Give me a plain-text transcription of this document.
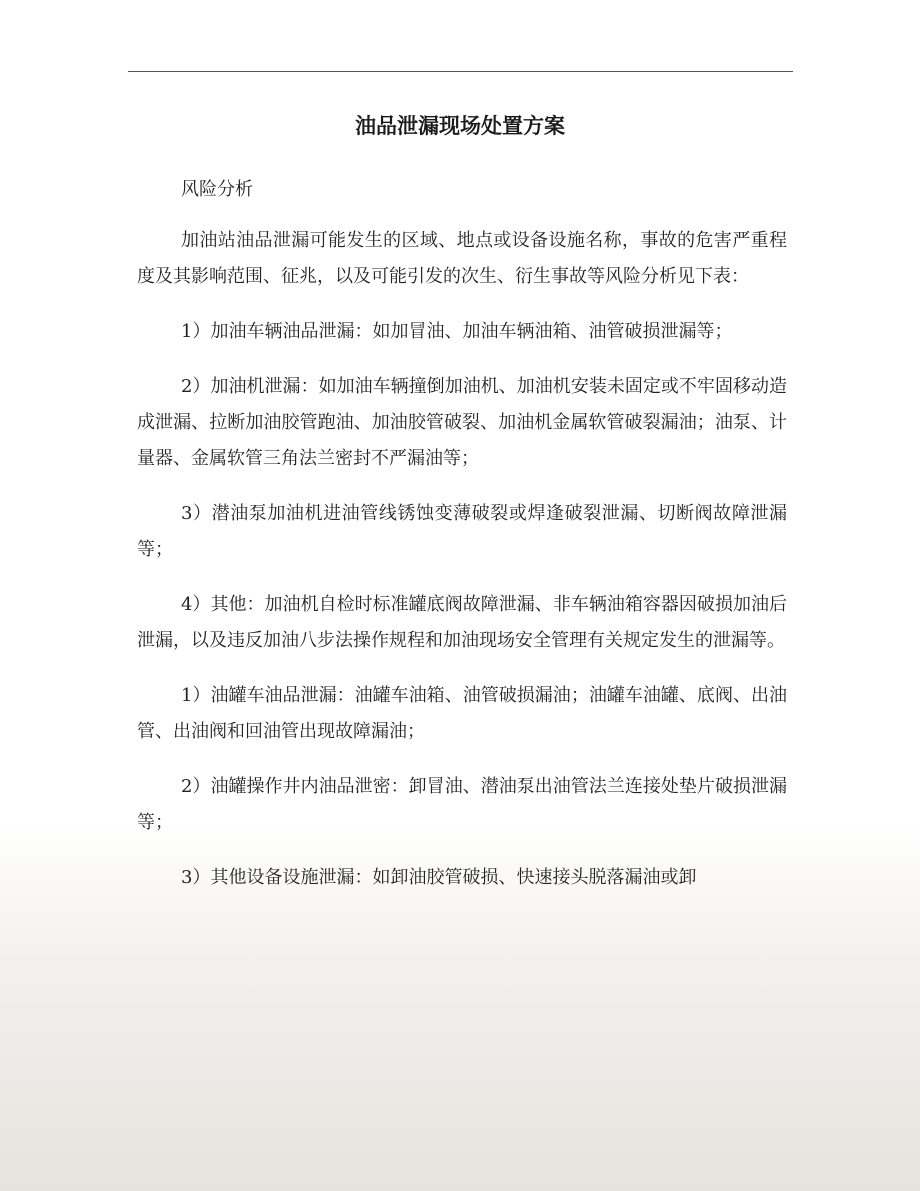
油品泄漏现场处置方案

风险分析

加油站油品泄漏可能发生的区域、地点或设备设施名称，事故的危害严重程度及其影响范围、征兆，以及可能引发的次生、衍生事故等风险分析见下表：

1）加油车辆油品泄漏：如加冒油、加油车辆油箱、油管破损泄漏等；

2）加油机泄漏：如加油车辆撞倒加油机、加油机安装未固定或不牢固移动造成泄漏、拉断加油胶管跑油、加油胶管破裂、加油机金属软管破裂漏油；油泵、计量器、金属软管三角法兰密封不严漏油等；

3）潜油泵加油机进油管线锈蚀变薄破裂或焊逢破裂泄漏、切断阀故障泄漏等；

4）其他：加油机自检时标准罐底阀故障泄漏、非车辆油箱容器因破损加油后泄漏，以及违反加油八步法操作规程和加油现场安全管理有关规定发生的泄漏等。

1）油罐车油品泄漏：油罐车油箱、油管破损漏油；油罐车油罐、底阀、出油管、出油阀和回油管出现故障漏油；

2）油罐操作井内油品泄密：卸冒油、潜油泵出油管法兰连接处垫片破损泄漏等；

3）其他设备设施泄漏：如卸油胶管破损、快速接头脱落漏油或卸
